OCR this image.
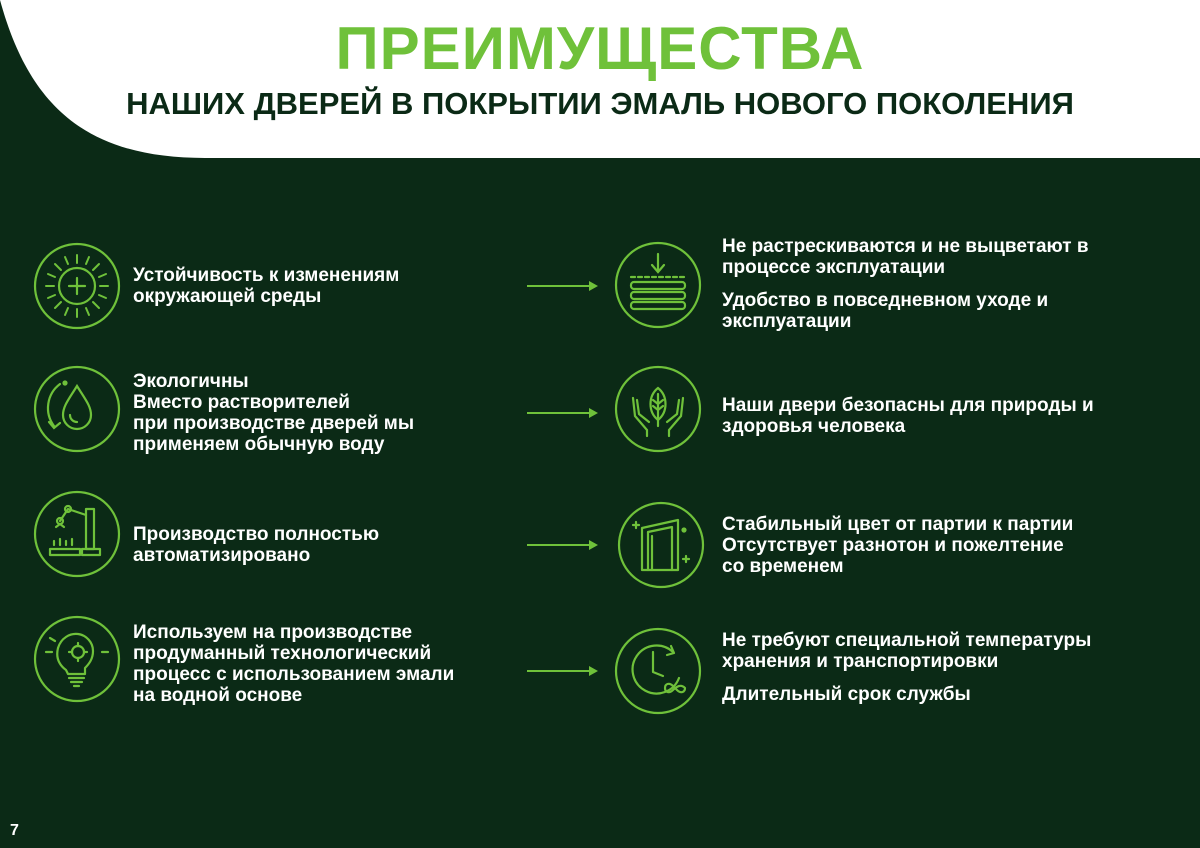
ПРЕИМУЩЕСТВА
НАШИХ ДВЕРЕЙ В ПОКРЫТИИ ЭМАЛЬ НОВОГО ПОКОЛЕНИЯ

Устойчивость к изменениям

окружающей среды

Не растрескиваются и не выцветают в

процессе эксплуатации

Удобство в повседневном уходе и

эксплуатации

Экологичны

Вместо растворителей

при производстве дверей мы

применяем обычную воду

Наши двери безопасны для природы и

здоровья человека

Производство полностью

автоматизировано

Стабильный цвет от партии к партии

Отсутствует разнотон и пожелтение

со временем

Используем на производстве

продуманный технологический

процесс с использованием эмали

на водной основе

Не требуют специальной температуры

хранения и транспортировки

Длительный срок службы

7
